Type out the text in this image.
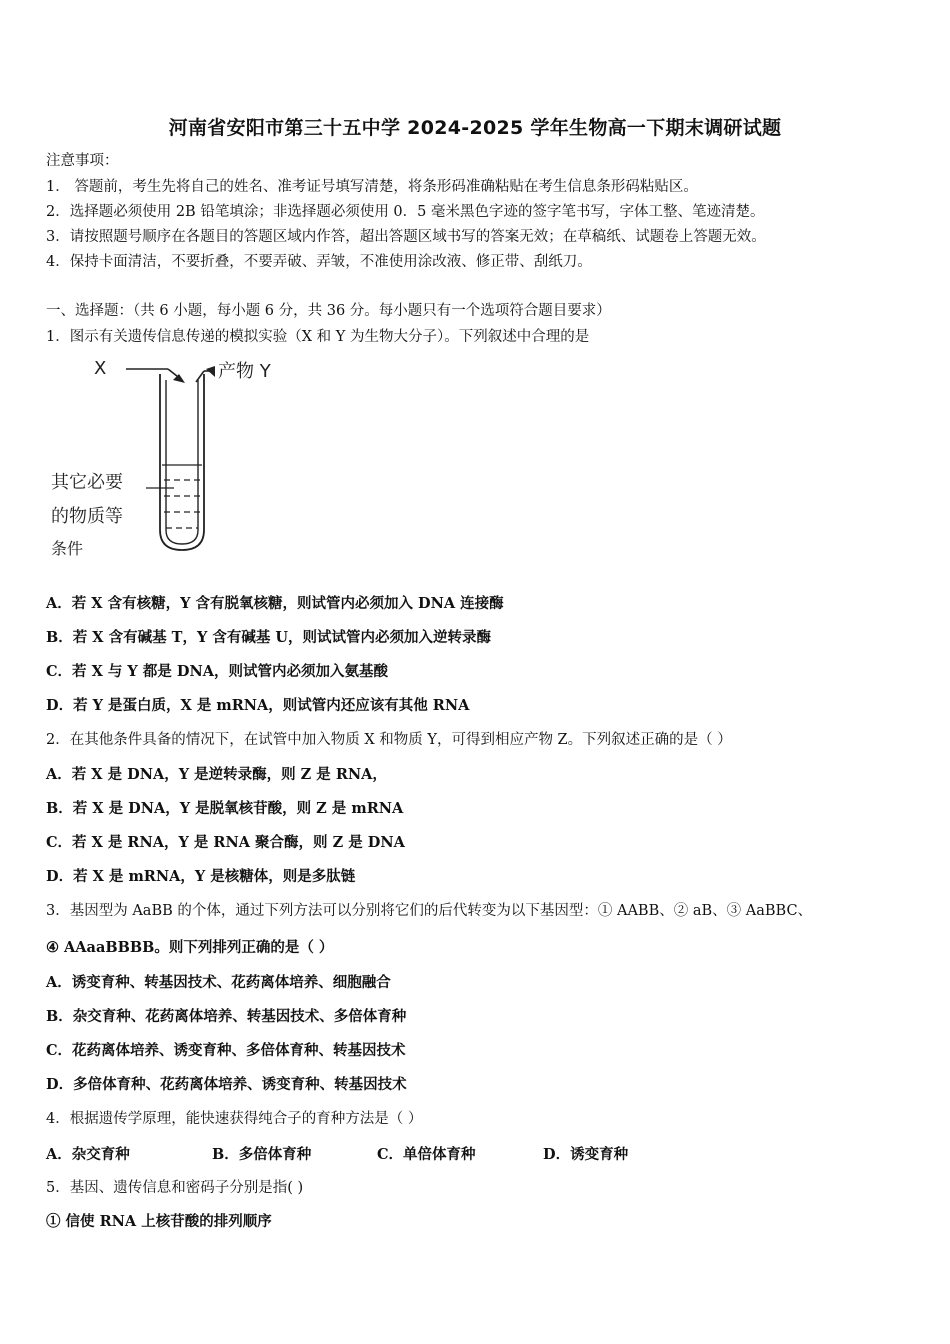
河南省安阳市第三十五中学 2024-2025 学年生物高一下期末调研试题
注意事项：
1． 答题前，考生先将自己的姓名、准考证号填写清楚，将条形码准确粘贴在考生信息条形码粘贴区。
2．选择题必须使用 2B 铅笔填涂；非选择题必须使用 0．5 毫米黑色字迹的签字笔书写，字体工整、笔迹清楚。
3．请按照题号顺序在各题目的答题区域内作答，超出答题区域书写的答案无效；在草稿纸、试题卷上答题无效。
4．保持卡面清洁，不要折叠，不要弄破、弄皱，不准使用涂改液、修正带、刮纸刀。
一、选择题：（共 6 小题，每小题 6 分，共 36 分。每小题只有一个选项符合题目要求）
1．图示有关遗传信息传递的模拟实验（X 和 Y 为生物大分子）。下列叙述中合理的是
X	产物 Y
其它必要
的物质等
条件
A．若 X 含有核糖，Y 含有脱氧核糖，则试管内必须加入 DNA 连接酶
B．若 X 含有碱基 T，Y 含有碱基 U，则试试管内必须加入逆转录酶
C．若 X 与 Y 都是 DNA，则试管内必须加入氨基酸
D．若 Y 是蛋白质，X 是 mRNA，则试管内还应该有其他 RNA
2．在其他条件具备的情况下，在试管中加入物质 X 和物质 Y，可得到相应产物 Z。下列叙述正确的是（ ）
A．若 X 是 DNA，Y 是逆转录酶，则 Z 是 RNA，
B．若 X 是 DNA，Y 是脱氧核苷酸，则 Z 是 mRNA
C．若 X 是 RNA，Y 是 RNA 聚合酶，则 Z 是 DNA
D．若 X 是 mRNA，Y 是核糖体，则是多肽链
3．基因型为 AaBB 的个体，通过下列方法可以分别将它们的后代转变为以下基因型：① AABB、② aB、③ AaBBC、
④ AAaaBBBB。则下列排列正确的是（ ）
A．诱变育种、转基因技术、花药离体培养、细胞融合
B．杂交育种、花药离体培养、转基因技术、多倍体育种
C．花药离体培养、诱变育种、多倍体育种、转基因技术
D．多倍体育种、花药离体培养、诱变育种、转基因技术
4．根据遗传学原理，能快速获得纯合子的育种方法是（ ）
A．杂交育种	B．多倍体育种	C．单倍体育种	D．诱变育种
5．基因、遗传信息和密码子分别是指( )
① 信使 RNA 上核苷酸的排列顺序
